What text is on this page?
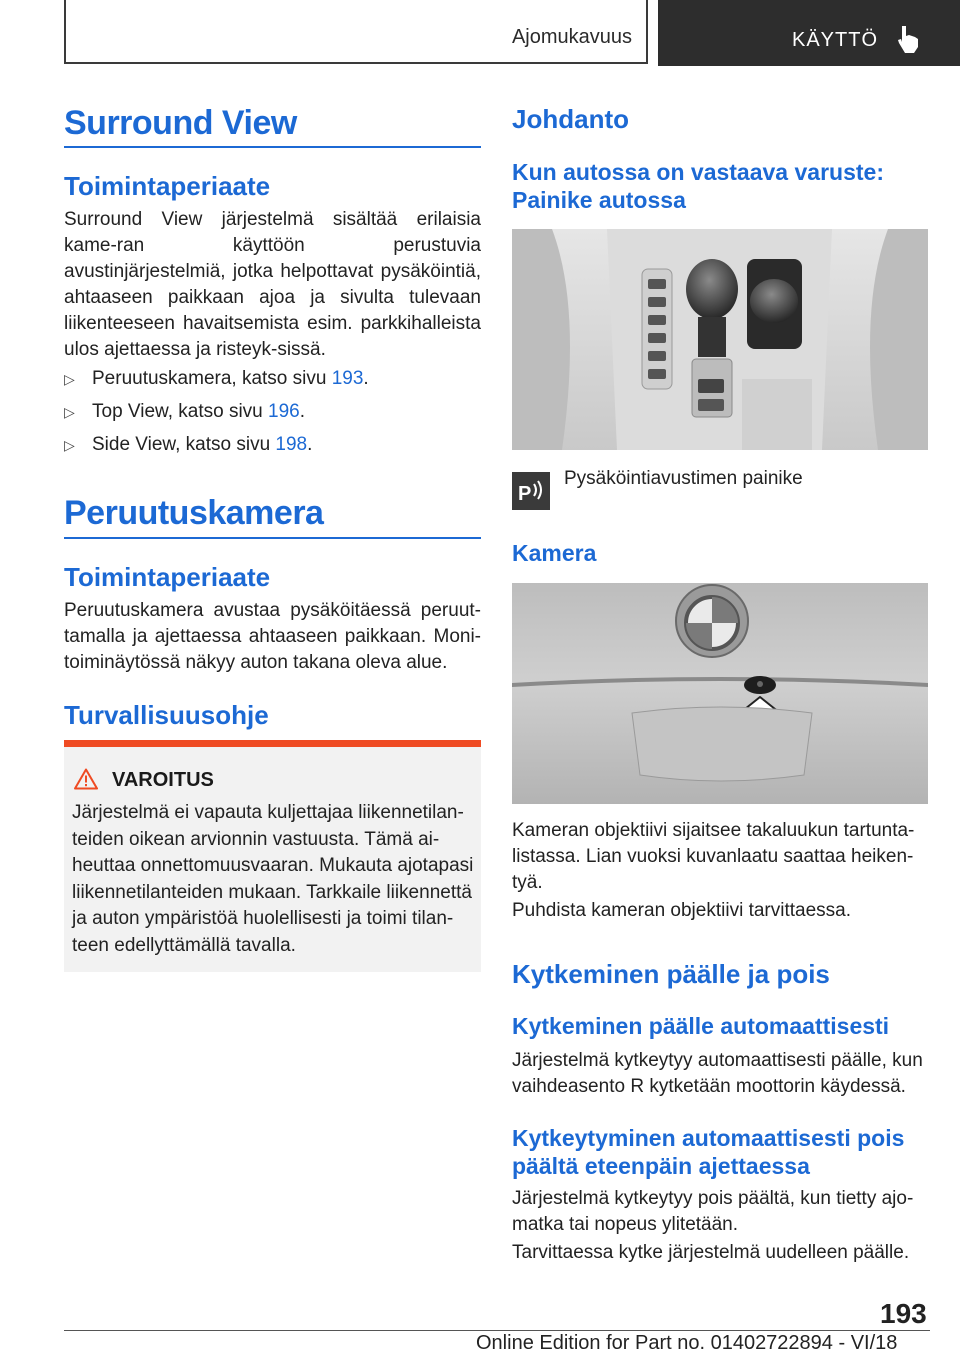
Ajomukavuus	KÄYTTÖ
Surround View
Toimintaperiaate

Surround View järjestelmä sisältää erilaisia kame‐ran käyttöön perustuvia avustinjärjestelmiä, jotka helpottavat pysäköintiä, ahtaaseen paikkaan ajoa ja sivulta tulevaan liikenteeseen havaitsemista esim. parkkihalleista ulos ajettaessa ja risteyk‐sissä.

▷ Peruutuskamera, katso sivu 193.
▷ Top View, katso sivu 196.
▷ Side View, katso sivu 198.
Peruutuskamera
Toimintaperiaate

Peruutuskamera avustaa pysäköitäessä peruut‐tamalla ja ajettaessa ahtaaseen paikkaan. Moni‐toiminäytössä näkyy auton takana oleva alue.

Turvallisuusohje
VAROITUS

Järjestelmä ei vapauta kuljettajaa liikennetilan‐teiden oikean arvionnin vastuusta. Tämä ai‐heuttaa onnettomuusvaaran. Mukauta ajotapasi liikennetilanteiden mukaan. Tarkkaile liikennettä ja auton ympäristöä huolellisesti ja toimi tilan‐teen edellyttämällä tavalla.

Johdanto
Kun autossa on vastaava varuste: Painike autossa
P
Pysäköintiavustimen painike
Kamera

Kameran objektiivi sijaitsee takaluukun tartunta‐listassa. Lian vuoksi kuvanlaatu saattaa heiken‐tyä.

Puhdista kameran objektiivi tarvittaessa.

Kytkeminen päälle ja pois
Kytkeminen päälle automaattisesti

Järjestelmä kytkeytyy automaattisesti päälle, kun vaihdeasento R kytketään moottorin käydessä.

Kytkeytyminen automaattisesti pois päältä eteenpäin ajettaessa

Järjestelmä kytkeytyy pois päältä, kun tietty ajo‐matka tai nopeus ylitetään.

Tarvittaessa kytke järjestelmä uudelleen päälle.

193
Online Edition for Part no. 01402722894 - VI/18
